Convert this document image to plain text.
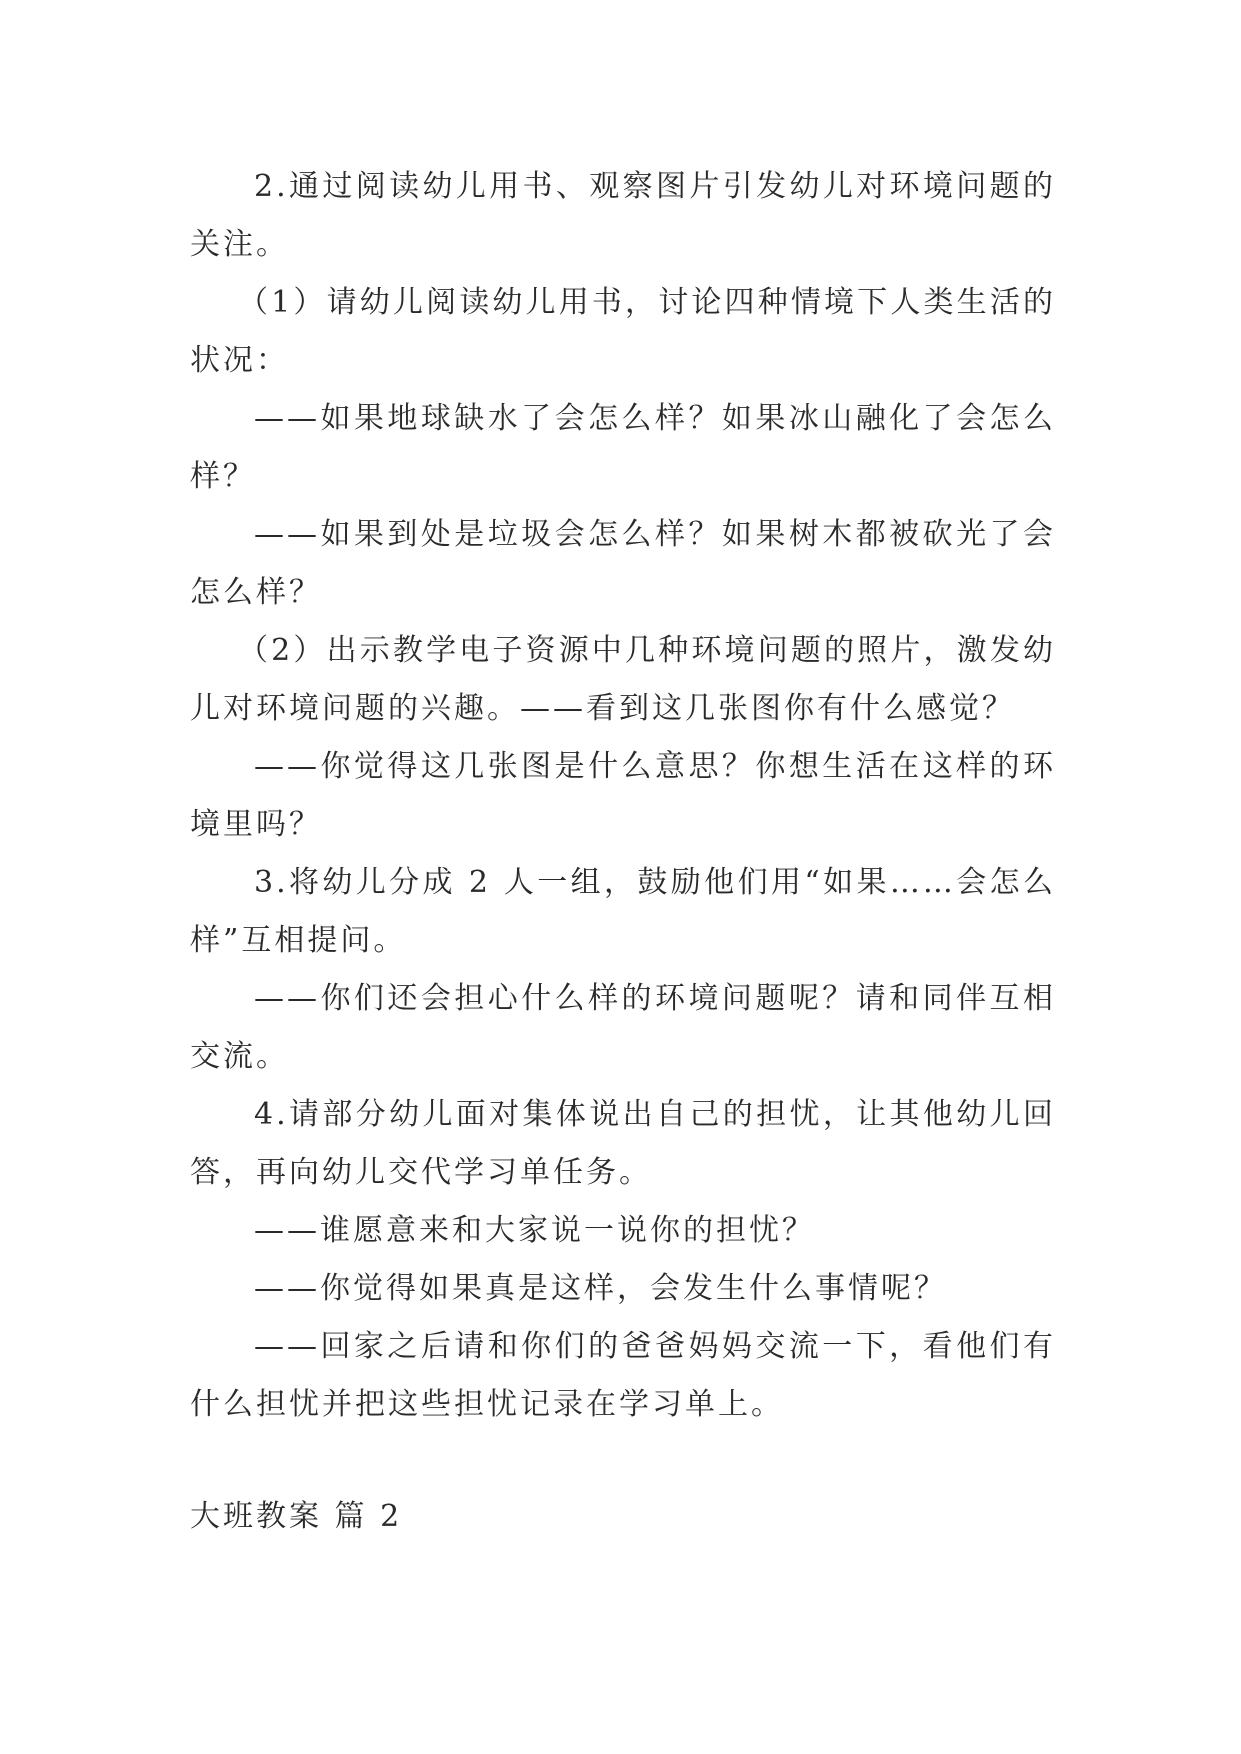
2.通过阅读幼儿用书、观察图片引发幼儿对环境问题的关注。

（1）请幼儿阅读幼儿用书，讨论四种情境下人类生活的状况：

——如果地球缺水了会怎么样？如果冰山融化了会怎么样？

——如果到处是垃圾会怎么样？如果树木都被砍光了会怎么样？

（2）出示教学电子资源中几种环境问题的照片，激发幼儿对环境问题的兴趣。——看到这几张图你有什么感觉？

——你觉得这几张图是什么意思？你想生活在这样的环境里吗？

3.将幼儿分成 2 人一组，鼓励他们用“如果……会怎么样”互相提问。

——你们还会担心什么样的环境问题呢？请和同伴互相交流。

4.请部分幼儿面对集体说出自己的担忧，让其他幼儿回答，再向幼儿交代学习单任务。

——谁愿意来和大家说一说你的担忧？

——你觉得如果真是这样，会发生什么事情呢？

——回家之后请和你们的爸爸妈妈交流一下，看他们有什么担忧并把这些担忧记录在学习单上。

大班教案 篇 2
